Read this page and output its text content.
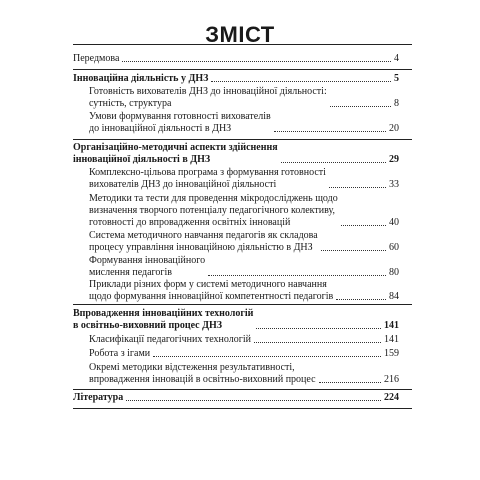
ЗМІСТ
Передмова	4
Інноваційна діяльність у ДНЗ	5
Готовність вихователів ДНЗ до інноваційної діяльності:
сутність, структура	8
Умови формування готовності вихователів
до інноваційної діяльності в ДНЗ	20
Організаційно-методичні аспекти здійснення
інноваційної діяльності в ДНЗ	29
Комплексно-цільова програма з формування готовності
вихователів ДНЗ до інноваційної діяльності	33
Методики та тести для проведення мікродосліджень щодо
визначення творчого потенціалу педагогічного колективу,
готовності до впровадження освітніх інновацій	40
Система методичного навчання педагогів як складова
процесу управління інноваційною діяльністю в ДНЗ	60
Формування інноваційного
мислення педагогів	80
Приклади різних форм у системі методичного навчання
щодо формування інноваційної компетентності педагогів	84
Впровадження інноваційних технологій
в освітньо-виховний процес ДНЗ	141
Класифікації педагогічних технологій	141
Робота з ігами	159
Окремі методики відстеження результативності,
впровадження інновацій в освітньо-виховний процес	216
Література	224
